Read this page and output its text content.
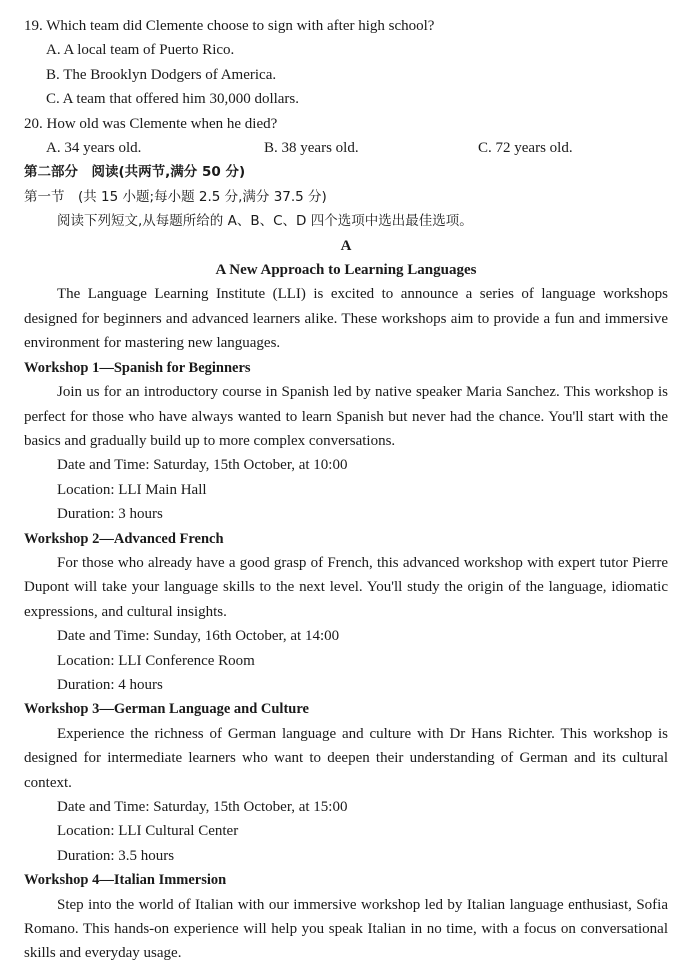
19. Which team did Clemente choose to sign with after high school?
A. A local team of Puerto Rico.
B. The Brooklyn Dodgers of America.
C. A team that offered him 30,000 dollars.
20. How old was Clemente when he died?
A. 34 years old.	B. 38 years old.	C. 72 years old.
第二部分　阅读(共两节,满分 50 分)
第一节　(共 15 小题;每小题 2.5 分,满分 37.5 分)
阅读下列短文,从每题所给的 A、B、C、D 四个选项中选出最佳选项。
A
A New Approach to Learning Languages
The Language Learning Institute (LLI) is excited to announce a series of language workshops designed for beginners and advanced learners alike. These workshops aim to provide a fun and immersive environment for mastering new languages.
Workshop 1—Spanish for Beginners
Join us for an introductory course in Spanish led by native speaker Maria Sanchez. This workshop is perfect for those who have always wanted to learn Spanish but never had the chance. You'll start with the basics and gradually build up to more complex conversations.
Date and Time: Saturday, 15th October, at 10:00
Location: LLI Main Hall
Duration: 3 hours
Workshop 2—Advanced French
For those who already have a good grasp of French, this advanced workshop with expert tutor Pierre Dupont will take your language skills to the next level. You'll study the origin of the language, idiomatic expressions, and cultural insights.
Date and Time: Sunday, 16th October, at 14:00
Location: LLI Conference Room
Duration: 4 hours
Workshop 3—German Language and Culture
Experience the richness of German language and culture with Dr Hans Richter. This workshop is designed for intermediate learners who want to deepen their understanding of German and its cultural context.
Date and Time: Saturday, 15th October, at 15:00
Location: LLI Cultural Center
Duration: 3.5 hours
Workshop 4—Italian Immersion
Step into the world of Italian with our immersive workshop led by Italian language enthusiast, Sofia Romano. This hands-on experience will help you speak Italian in no time, with a focus on conversational skills and everyday usage.
